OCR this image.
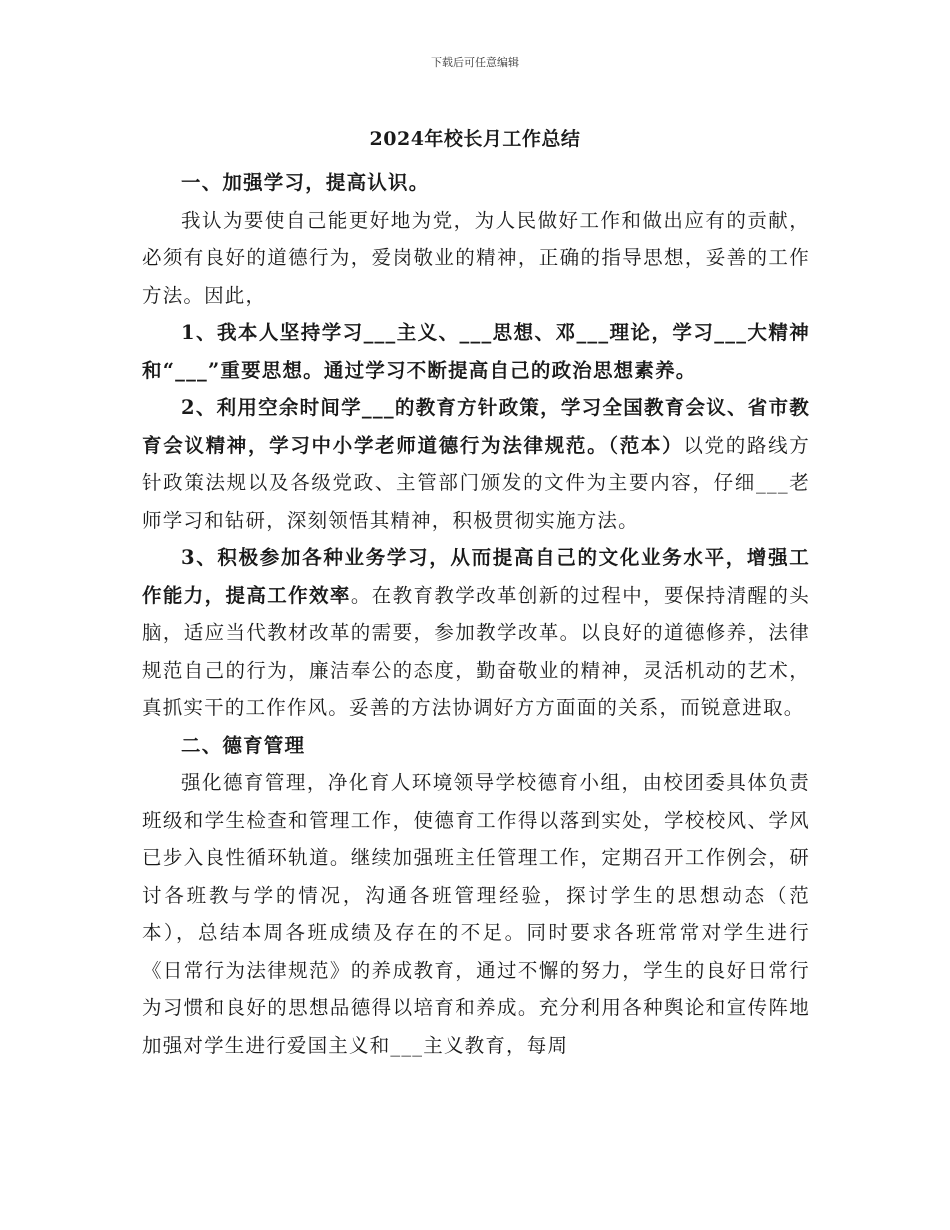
下载后可任意编辑
2024年校长月工作总结

一、加强学习，提高认识。

我认为要使自己能更好地为党，为人民做好工作和做出应有的贡献，必须有良好的道德行为，爱岗敬业的精神，正确的指导思想，妥善的工作方法。因此，

1、我本人坚持学习___主义、___思想、邓___理论，学习___大精神和“___”重要思想。通过学习不断提高自己的政治思想素养。

2、利用空余时间学___的教育方针政策，学习全国教育会议、省市教育会议精神，学习中小学老师道德行为法律规范。（范本）以党的路线方针政策法规以及各级党政、主管部门颁发的文件为主要内容，仔细___老师学习和钻研，深刻领悟其精神，积极贯彻实施方法。

3、积极参加各种业务学习，从而提高自己的文化业务水平，增强工作能力，提高工作效率。在教育教学改革创新的过程中，要保持清醒的头脑，适应当代教材改革的需要，参加教学改革。以良好的道德修养，法律规范自己的行为，廉洁奉公的态度，勤奋敬业的精神，灵活机动的艺术，真抓实干的工作作风。妥善的方法协调好方方面面的关系，而锐意进取。

二、德育管理

强化德育管理，净化育人环境领导学校德育小组，由校团委具体负责班级和学生检查和管理工作，使德育工作得以落到实处，学校校风、学风已步入良性循环轨道。继续加强班主任管理工作，定期召开工作例会，研讨各班教与学的情况，沟通各班管理经验，探讨学生的思想动态（范本），总结本周各班成绩及存在的不足。同时要求各班常常对学生进行《日常行为法律规范》的养成教育，通过不懈的努力，学生的良好日常行为习惯和良好的思想品德得以培育和养成。充分利用各种舆论和宣传阵地加强对学生进行爱国主义和___主义教育，每周
